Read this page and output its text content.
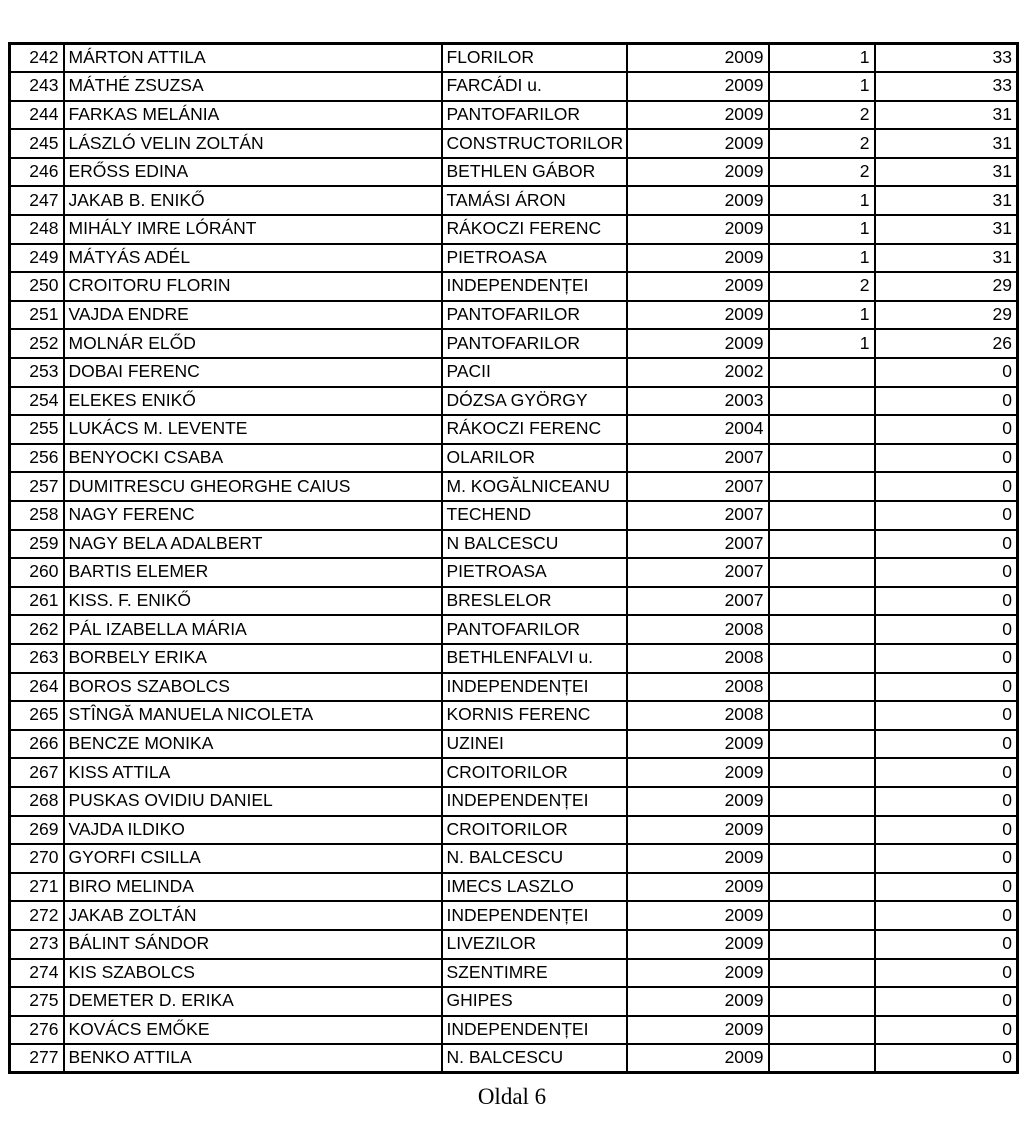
242	MÁRTON ATTILA	FLORILOR	2009	1	33
243	MÁTHÉ ZSUZSA	FARCÁDI u.	2009	1	33
244	FARKAS MELÁNIA	PANTOFARILOR	2009	2	31
245	LÁSZLÓ VELIN ZOLTÁN	CONSTRUCTORILOR	2009	2	31
246	ERŐSS EDINA	BETHLEN GÁBOR	2009	2	31
247	JAKAB B. ENIKŐ	TAMÁSI ÁRON	2009	1	31
248	MIHÁLY IMRE LÓRÁNT	RÁKOCZI FERENC	2009	1	31
249	MÁTYÁS ADÉL	PIETROASA	2009	1	31
250	CROITORU FLORIN	INDEPENDENȚEI	2009	2	29
251	VAJDA ENDRE	PANTOFARILOR	2009	1	29
252	MOLNÁR ELŐD	PANTOFARILOR	2009	1	26
253	DOBAI FERENC	PACII	2002		0
254	ELEKES ENIKŐ	DÓZSA GYÖRGY	2003		0
255	LUKÁCS M. LEVENTE	RÁKOCZI FERENC	2004		0
256	BENYOCKI CSABA	OLARILOR	2007		0
257	DUMITRESCU GHEORGHE CAIUS	M. KOGĂLNICEANU	2007		0
258	NAGY FERENC	TECHEND	2007		0
259	NAGY BELA ADALBERT	N BALCESCU	2007		0
260	BARTIS ELEMER	PIETROASA	2007		0
261	KISS. F. ENIKŐ	BRESLELOR	2007		0
262	PÁL IZABELLA MÁRIA	PANTOFARILOR	2008		0
263	BORBELY ERIKA	BETHLENFALVI u.	2008		0
264	BOROS SZABOLCS	INDEPENDENȚEI	2008		0
265	STÎNGĂ MANUELA NICOLETA	KORNIS FERENC	2008		0
266	BENCZE MONIKA	UZINEI	2009		0
267	KISS ATTILA	CROITORILOR	2009		0
268	PUSKAS OVIDIU DANIEL	INDEPENDENȚEI	2009		0
269	VAJDA ILDIKO	CROITORILOR	2009		0
270	GYORFI CSILLA	N. BALCESCU	2009		0
271	BIRO MELINDA	IMECS LASZLO	2009		0
272	JAKAB ZOLTÁN	INDEPENDENȚEI	2009		0
273	BÁLINT SÁNDOR	LIVEZILOR	2009		0
274	KIS SZABOLCS	SZENTIMRE	2009		0
275	DEMETER D. ERIKA	GHIPES	2009		0
276	KOVÁCS EMŐKE	INDEPENDENȚEI	2009		0
277	BENKO ATTILA	N. BALCESCU	2009		0
Oldal 6
